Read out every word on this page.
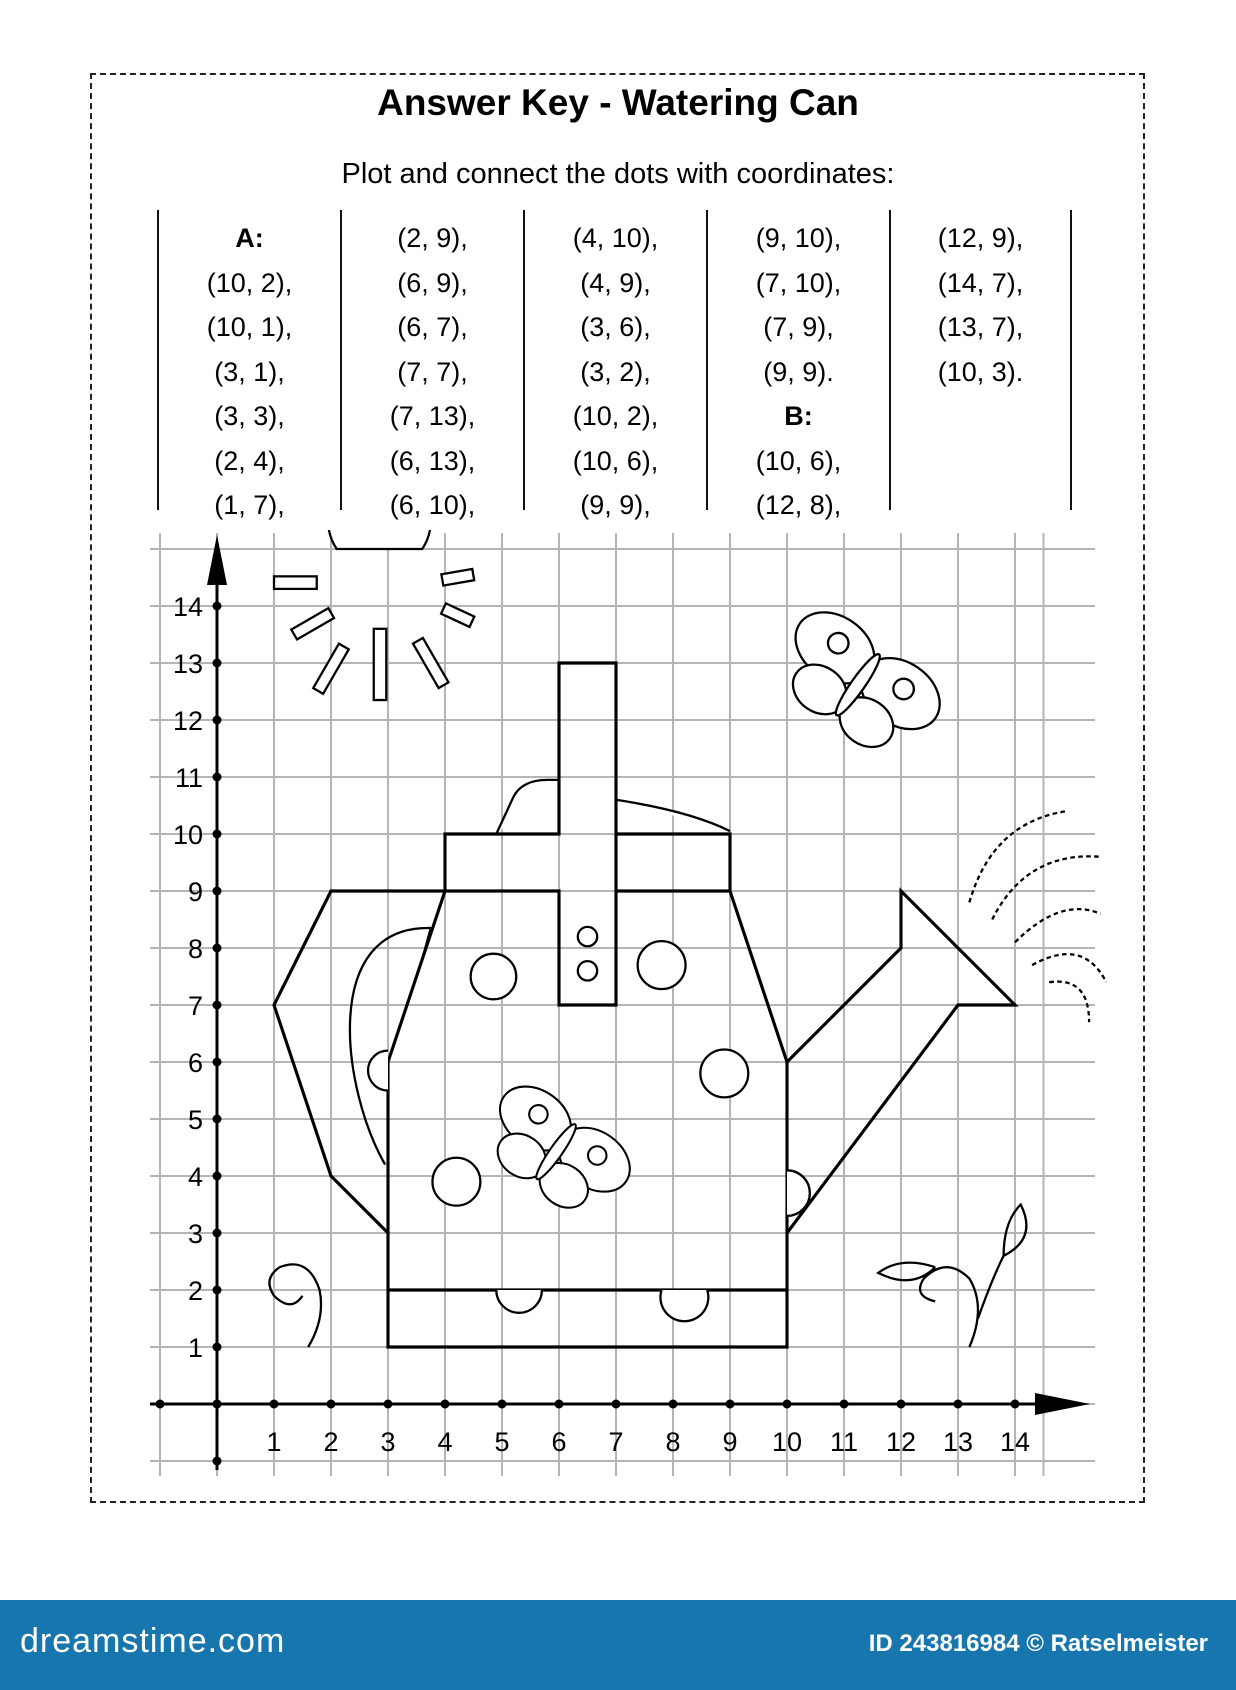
Answer Key - Watering Can
Plot and connect the dots with coordinates:
A:
(10, 2),
(10, 1),
(3, 1),
(3, 3),
(2, 4),
(1, 7),
(2, 9),
(6, 9),
(6, 7),
(7, 7),
(7, 13),
(6, 13),
(6, 10),
(4, 10),
(4, 9),
(3, 6),
(3, 2),
(10, 2),
(10, 6),
(9, 9),
(9, 10),
(7, 10),
(7, 9),
(9, 9).
B:
(10, 6),
(12, 8),
(12, 9),
(14, 7),
(13, 7),
(10, 3).
1 2 3 4 5 6 7 8 9 10 11 12 13 14
1
2
3
4
5
6
7
8
9
10
11
12
13
14
dreamstime.com	ID 243816984 © Ratselmeister
